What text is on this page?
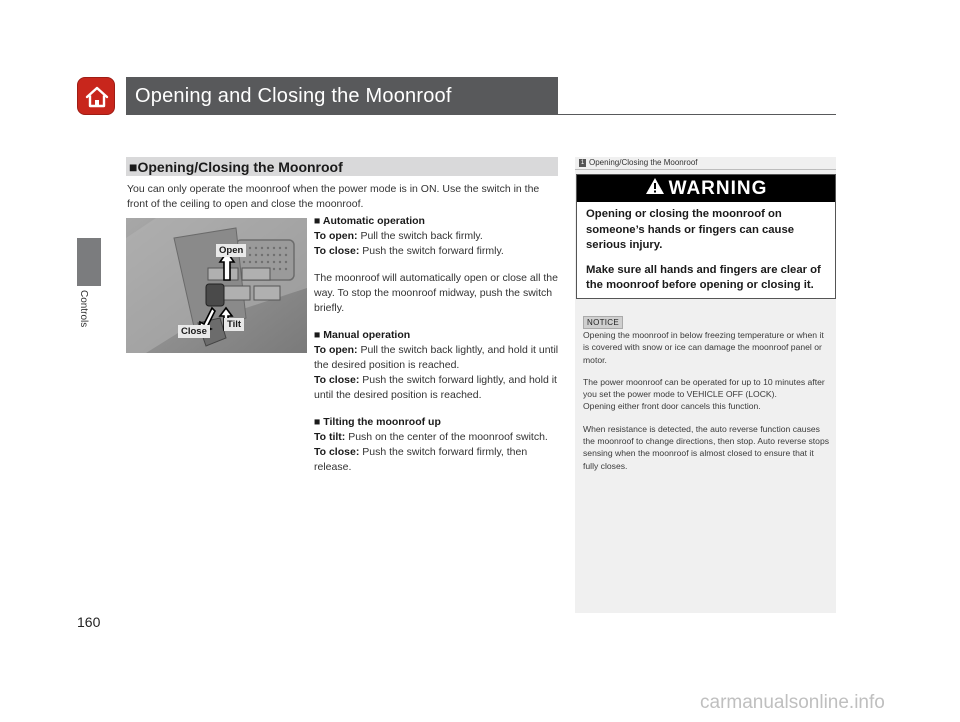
Opening and Closing the Moonroof
Controls
160
■Opening/Closing the Moonroof

You can only operate the moonroof when the power mode is in ON. Use the switch in the front of the ceiling to open and close the moonroof.

Open
Tilt
Close
■ Automatic operation
To open: Pull the switch back firmly.
To close: Push the switch forward firmly.
The moonroof will automatically open or close all the way. To stop the moonroof midway, push the switch briefly.
■ Manual operation
To open: Pull the switch back lightly, and hold it until the desired position is reached.
To close: Push the switch forward lightly, and hold it until the desired position is reached.
■ Tilting the moonroof up
To tilt: Push on the center of the moonroof switch.
To close: Push the switch forward firmly, then release.
1 Opening/Closing the Moonroof
WARNING

Opening or closing the moonroof on someone’s hands or fingers can cause serious injury.

Make sure all hands and fingers are clear of the moonroof before opening or closing it.

NOTICE

Opening the moonroof in below freezing temperature or when it is covered with snow or ice can damage the moonroof panel or motor.

The power moonroof can be operated for up to 10 minutes after you set the power mode to VEHICLE OFF (LOCK).

Opening either front door cancels this function.

When resistance is detected, the auto reverse function causes the moonroof to change directions, then stop. Auto reverse stops sensing when the moonroof is almost closed to ensure that it fully closes.

carmanualsonline.info
